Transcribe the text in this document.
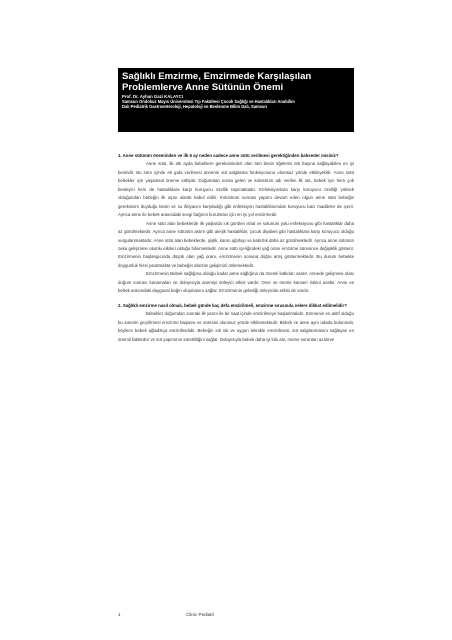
Sağlıklı Emzirme, Emzirmede Karşılaşılan Problemlerve Anne Sütünün Önemi
Prof. Dr. Ayhan Gazi KALAYCI
Samsun Ondokuz Mayıs Üniversitesi Tıp Fakültesi Çocuk Sağlığı ve Hastalıkları Anabilim
Dalı Pediatrik Gastroenteroloji, Hepatoloji ve Beslenme Bilim Dalı, Samsun

1. Anne sütünün öneminden ve ilk 6 ay neden sadece anne sütü verilmesi gerektiğinden bahseder misiniz?

Anne sütü, ilk altı ayda bebeklere gereksinimleri olan tüm besin öğelerini tek başına sağlayabilen en iyi besindir. Bu süre içinde ek gıda verilmesi annenin süt salgılama fonksiyonunu olumsuz yönde etkileyebilir. Anne sütü bebekler için yaşamsal öneme sahiptir. Doğumdan sonra gelen ve kolostrum adı verilen ilk süt, bebek için hem çok besleyici hem de hastalıklara karşı koruyucu özellik taşımaktadır. Enfeksiyonlara karşı koruyucu özelliği yüksek olduğundan bebeğin ilk aşısı olarak kabul edilir. Kolostrum sonrası yapımı devam eden olgun anne sütü bebeğin gereksinim duyduğu besin ve su ihtiyacını karşıladığı gibi enfeksiyon hastalıklarından koruyucu bazı maddeler de içerir. Ayrıca anne ile bebek arasındaki sevgi bağının kurulması için en iyi yol emzirmedir.

Anne sütü alan bebeklerde ilk yaşlarda sık görülen ishal ve solunum yolu enfeksiyonu gibi hastalıklar daha az görülmektedir. Ayrıca anne sütünün astım gibi alerjik hastalıklar, çocuk diyabeti gibi hastalıklara karşı koruyucu olduğu vurgulanmaktadır. Anne sütü alan bebeklerde, şişlik, kanın ağırlaşı ve kabızlık daha az görülmektedir. Ayrıca anne sütünün zeka gelişimine olumlu etkileri olduğu bilinmektedir. Anne sütü içeriğindeki yağ oranı emzirme süresince değişiklik gösterir. Emzirmenin başlangıcında düşük olan yağ oranı, emzirmenin sonuna doğru artış göstermektedir. Bu durum bebekte doygunluk hissi yaratmakta ve bebeğin obezite gelişimini önlemektedir.

Emzirmenin Bebek sağlığına olduğu kadar anne sağlığına da önemli katkıları vardır. Annede gelişmesi olası doğum sonrası kanamaları ve dolayısıyla anemiyi önleyici etkisi vardır. Over ve meme kanseri riskini azaltır. Anne ve bebek arasındaki duygusal bağın oluşmasını sağlar. Emzirmenin gebeliği önleyicide etkisi de vardır.

2. Sağlıklı emzirme nasıl olmalı, bebek günde kaç defa emzirilmeli, emzirme sırasında nelere dikkat edilmelidir?

Bebekler doğumdan sonraki ilk yarım ile bir saat içinde emzirilmeye başlanmalıdır. Emmenin en aktif olduğu bu sürenin geçirilmesi emzirme başarısı ve süresini olumsuz yönde etkilemektedir. Bebek ve anne aynı odada bulunmalı, böylece bebek ağladıkça emzirilmelidir. Bebeğin sık sık ve uygun teknikle emzirilmesi, süt salgılanmasını sağlayan en önemli faktördür ve süt yapımının sürekliliğini sağlar. Dolayısıyla bebek daha iyi kilo alır, meme sorunları azalırve

1	Clinic Pediatri
